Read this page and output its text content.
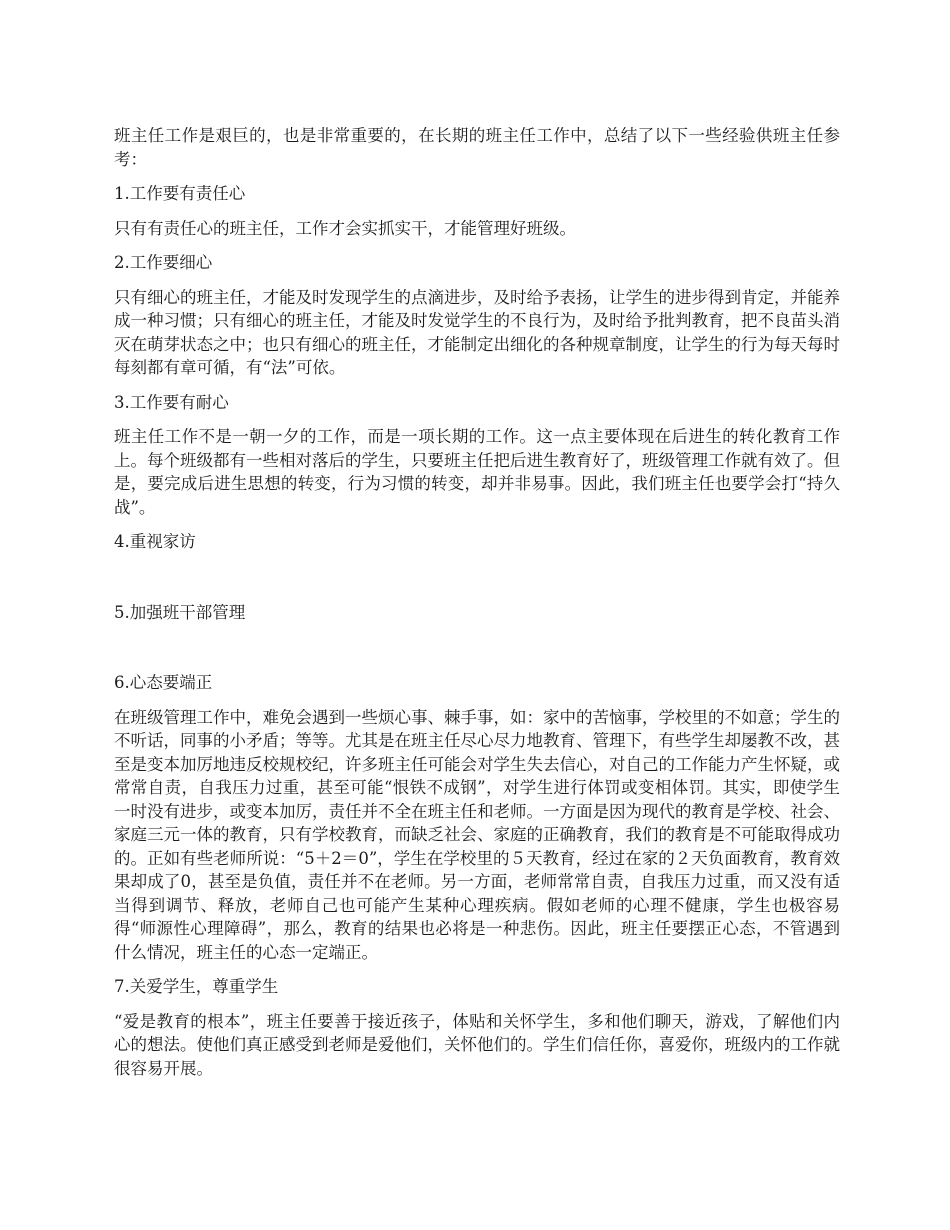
班主任工作是艰巨的，也是非常重要的，在长期的班主任工作中，总结了以下一些经验供班主任参考：

1.工作要有责任心

只有有责任心的班主任，工作才会实抓实干，才能管理好班级。

2.工作要细心

只有细心的班主任，才能及时发现学生的点滴进步，及时给予表扬，让学生的进步得到肯定，并能养成一种习惯；只有细心的班主任，才能及时发觉学生的不良行为，及时给予批判教育，把不良苗头消灭在萌芽状态之中；也只有细心的班主任，才能制定出细化的各种规章制度，让学生的行为每天每时每刻都有章可循，有“法”可依。

3.工作要有耐心

班主任工作不是一朝一夕的工作，而是一项长期的工作。这一点主要体现在后进生的转化教育工作上。每个班级都有一些相对落后的学生，只要班主任把后进生教育好了，班级管理工作就有效了。但是，要完成后进生思想的转变，行为习惯的转变，却并非易事。因此，我们班主任也要学会打“持久战”。

4.重视家访

5.加强班干部管理

6.心态要端正

在班级管理工作中，难免会遇到一些烦心事、棘手事，如：家中的苦恼事，学校里的不如意；学生的不听话，同事的小矛盾；等等。尤其是在班主任尽心尽力地教育、管理下，有些学生却屡教不改，甚至是变本加厉地违反校规校纪，许多班主任可能会对学生失去信心，对自己的工作能力产生怀疑，或常常自责，自我压力过重，甚至可能“恨铁不成钢”，对学生进行体罚或变相体罚。其实，即使学生一时没有进步，或变本加厉，责任并不全在班主任和老师。一方面是因为现代的教育是学校、社会、家庭三元一体的教育，只有学校教育，而缺乏社会、家庭的正确教育，我们的教育是不可能取得成功的。正如有些老师所说：“5＋2＝0”，学生在学校里的５天教育，经过在家的２天负面教育，教育效果却成了0，甚至是负值，责任并不在老师。另一方面，老师常常自责，自我压力过重，而又没有适当得到调节、释放，老师自己也可能产生某种心理疾病。假如老师的心理不健康，学生也极容易得“师源性心理障碍”，那么，教育的结果也必将是一种悲伤。因此，班主任要摆正心态，不管遇到什么情况，班主任的心态一定端正。

7.关爱学生，尊重学生

“爱是教育的根本”，班主任要善于接近孩子，体贴和关怀学生，多和他们聊天，游戏，了解他们内心的想法。使他们真正感受到老师是爱他们，关怀他们的。学生们信任你，喜爱你，班级内的工作就很容易开展。
